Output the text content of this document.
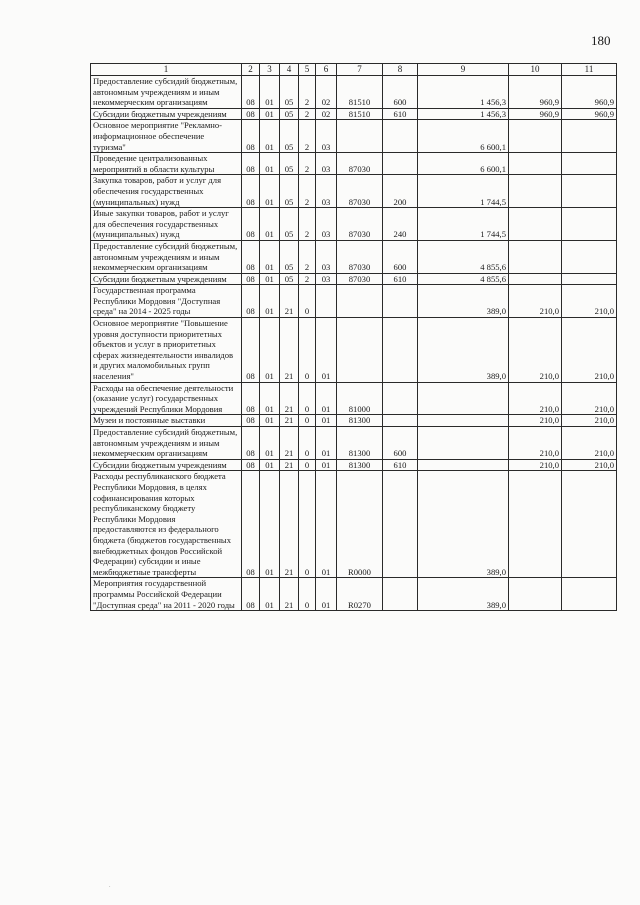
180
1	2	3	4	5	6	7	8	9	10	11
Предоставление субсидий бюджетным, автономным учреждениям и иным некоммерческим организациям	08	01	05	2	02	81510	600	1 456,3	960,9	960,9
Субсидии бюджетным учреждениям	08	01	05	2	02	81510	610	1 456,3	960,9	960,9
Основное мероприятие "Рекламно-информационное обеспечение туризма"	08	01	05	2	03			6 600,1		
Проведение централизованных мероприятий в области культуры	08	01	05	2	03	87030		6 600,1		
Закупка товаров, работ и услуг для обеспечения государственных (муниципальных) нужд	08	01	05	2	03	87030	200	1 744,5		
Иные закупки товаров, работ и услуг для обеспечения государственных (муниципальных) нужд	08	01	05	2	03	87030	240	1 744,5		
Предоставление субсидий бюджетным, автономным учреждениям и иным некоммерческим организациям	08	01	05	2	03	87030	600	4 855,6		
Субсидии бюджетным учреждениям	08	01	05	2	03	87030	610	4 855,6		
Государственная программа Республики Мордовия "Доступная среда" на 2014 - 2025 годы	08	01	21	0				389,0	210,0	210,0
Основное мероприятие "Повышение уровня доступности приоритетных объектов и услуг в приоритетных сферах жизнедеятельности инвалидов и других маломобильных групп населения"	08	01	21	0	01			389,0	210,0	210,0
Расходы на обеспечение деятельности (оказание услуг) государственных учреждений Республики Мордовия	08	01	21	0	01	81000			210,0	210,0
Музеи и постоянные выставки	08	01	21	0	01	81300			210,0	210,0
Предоставление субсидий бюджетным, автономным учреждениям и иным некоммерческим организациям	08	01	21	0	01	81300	600		210,0	210,0
Субсидии бюджетным учреждениям	08	01	21	0	01	81300	610		210,0	210,0
Расходы республиканского бюджета Республики Мордовия, в целях софинансирования которых республиканскому бюджету Республики Мордовия предоставляются из федерального бюджета (бюджетов государственных внебюджетных фондов Российской Федерации) субсидии и иные межбюджетные трансферты	08	01	21	0	01	R0000		389,0		
Мероприятия государственной программы Российской Федерации "Доступная среда" на 2011 - 2020 годы	08	01	21	0	01	R0270		389,0		
.
